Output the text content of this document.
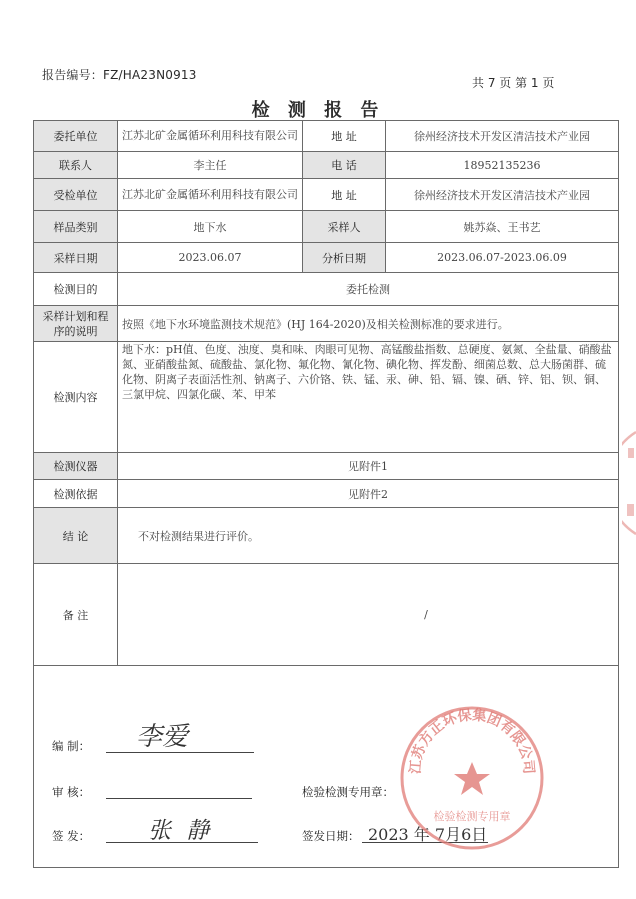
报告编号：FZ/HA23N0913
共 7 页 第 1 页
检 测 报 告
委托单位	江苏北矿金属循环利用科技有限公司	地 址	徐州经济技术开发区清洁技术产业园
联系人	李主任	电 话	18952135236
受检单位	江苏北矿金属循环利用科技有限公司	地 址	徐州经济技术开发区清洁技术产业园
样品类别	地下水	采样人	姚苏焱、王书艺
采样日期	2023.06.07	分析日期	2023.06.07-2023.06.09
检测目的	委托检测		
采样计划和程序的说明	按照《地下水环境监测技术规范》(HJ 164-2020)及相关检测标准的要求进行。		
检测内容	地下水：pH值、色度、浊度、臭和味、肉眼可见物、高锰酸盐指数、总硬度、氨氮、全盐量、硝酸盐氮、亚硝酸盐氮、硫酸盐、氯化物、氟化物、氰化物、碘化物、挥发酚、细菌总数、总大肠菌群、硫化物、阴离子表面活性剂、钠离子、六价铬、铁、锰、汞、砷、铅、镉、镍、硒、锌、铝、钡、铜、三氯甲烷、四氯化碳、苯、甲苯		
检测仪器	见附件1		
检测依据	见附件2		
结 论	不对检测结果进行评价。		
备 注	/		

编 制： 李爱
审 核：	检验检测专用章：
签 发：	张 静	签发日期： 2023 年 7月6日
江苏方正环保集团有限公司
检验检测专用章
